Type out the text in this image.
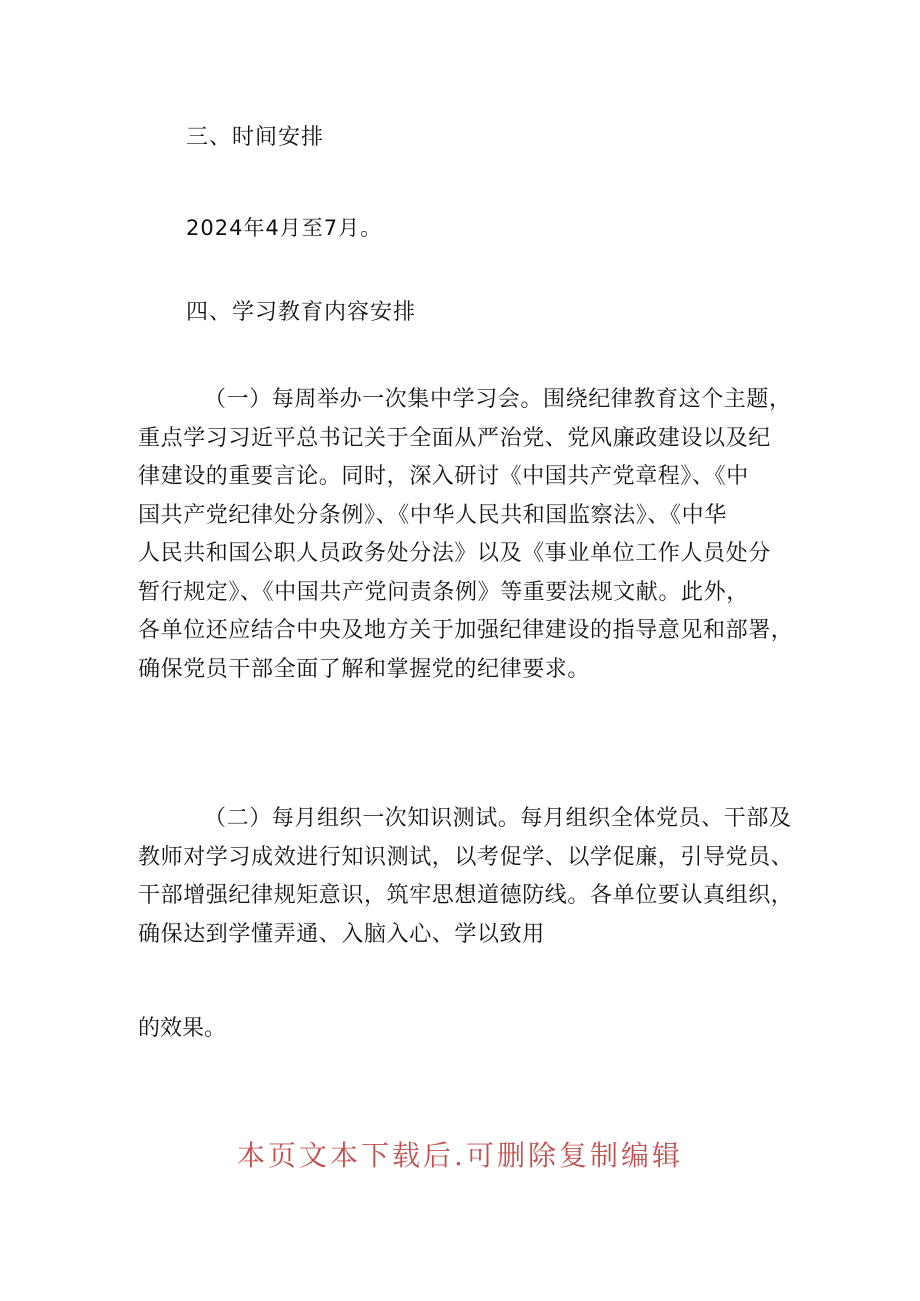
三、时间安排
2024年4月至7月。
四、学习教育内容安排
（一）每周举办一次集中学习会。围绕纪律教育这个主题，
重点学习习近平总书记关于全面从严治党、党风廉政建设以及纪
律建设的重要言论。同时，深入研讨《中国共产党章程》、《中
国共产党纪律处分条例》、《中华人民共和国监察法》、《中华
人民共和国公职人员政务处分法》以及《事业单位工作人员处分
暂行规定》、《中国共产党问责条例》等重要法规文献。此外，
各单位还应结合中央及地方关于加强纪律建设的指导意见和部署，
确保党员干部全面了解和掌握党的纪律要求。
（二）每月组织一次知识测试。每月组织全体党员、干部及
教师对学习成效进行知识测试，以考促学、以学促廉，引导党员、
干部增强纪律规矩意识，筑牢思想道德防线。各单位要认真组织，
确保达到学懂弄通、入脑入心、学以致用
的效果。
本页文本下载后.可删除复制编辑
